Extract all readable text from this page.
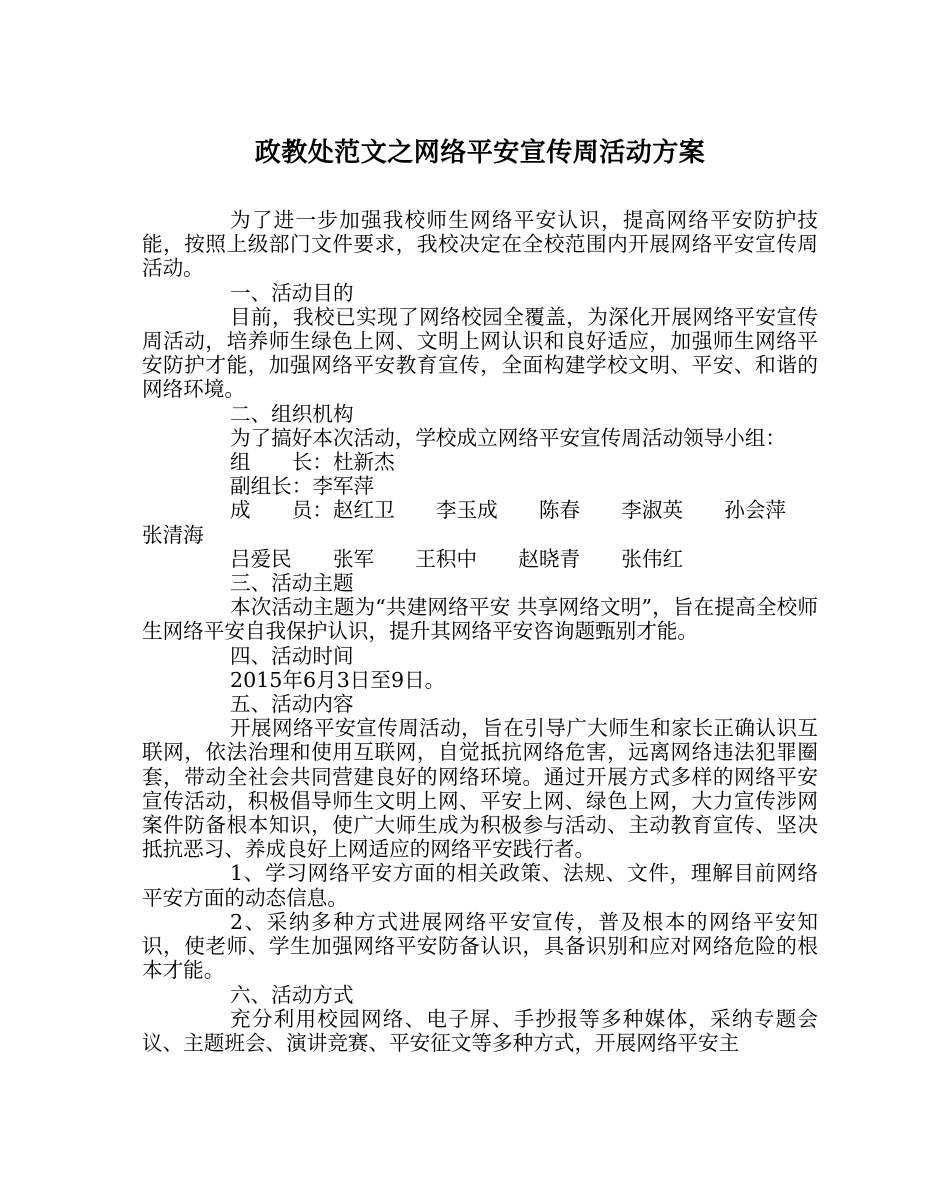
政教处范文之网络平安宣传周活动方案

为了进一步加强我校师生网络平安认识，提高网络平安防护技能，按照上级部门文件要求，我校决定在全校范围内开展网络平安宣传周活动。

一、活动目的

目前，我校已实现了网络校园全覆盖，为深化开展网络平安宣传周活动，培养师生绿色上网、文明上网认识和良好适应，加强师生网络平安防护才能，加强网络平安教育宣传，全面构建学校文明、平安、和谐的网络环境。

二、组织机构

为了搞好本次活动，学校成立网络平安宣传周活动领导小组：

组　　长：杜新杰

副组长：李军萍

成　　员：赵红卫　　李玉成　　陈春　　李淑英　　孙会萍　　张清海

吕爱民　　张军　　王积中　　赵晓青　　张伟红

三、活动主题

本次活动主题为“共建网络平安 共享网络文明”，旨在提高全校师生网络平安自我保护认识，提升其网络平安咨询题甄别才能。

四、活动时间

2015年6月3日至9日。

五、活动内容

开展网络平安宣传周活动，旨在引导广大师生和家长正确认识互联网，依法治理和使用互联网，自觉抵抗网络危害，远离网络违法犯罪圈套，带动全社会共同营建良好的网络环境。通过开展方式多样的网络平安宣传活动，积极倡导师生文明上网、平安上网、绿色上网，大力宣传涉网案件防备根本知识，使广大师生成为积极参与活动、主动教育宣传、坚决抵抗恶习、养成良好上网适应的网络平安践行者。

1、学习网络平安方面的相关政策、法规、文件，理解目前网络平安方面的动态信息。

2、采纳多种方式进展网络平安宣传，普及根本的网络平安知识，使老师、学生加强网络平安防备认识，具备识别和应对网络危险的根本才能。

六、活动方式

充分利用校园网络、电子屏、手抄报等多种媒体，采纳专题会议、主题班会、演讲竞赛、平安征文等多种方式，开展网络平安主
